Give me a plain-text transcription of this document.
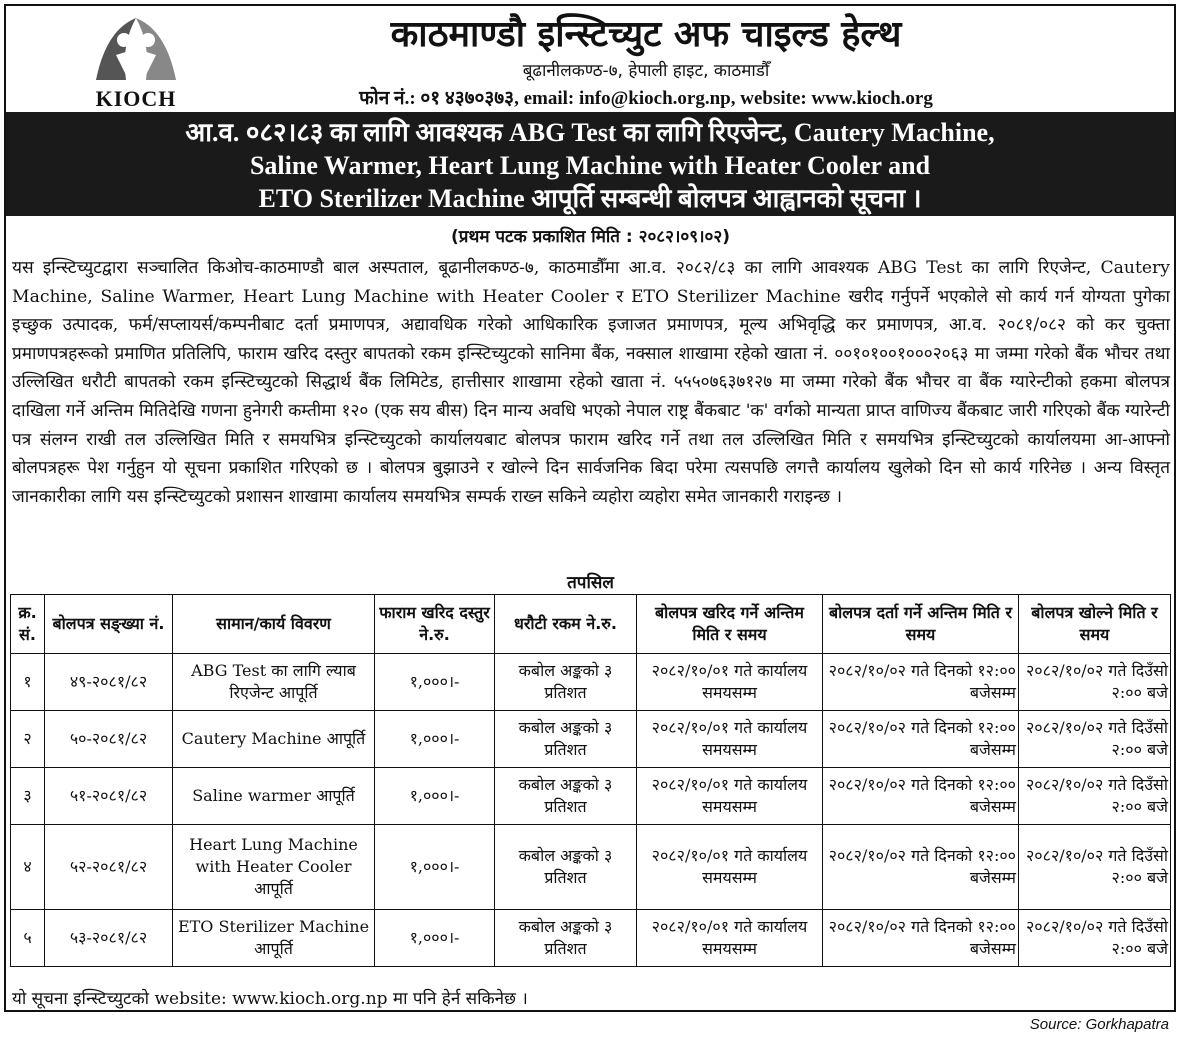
KIOCH
काठमाण्डौ इन्स्टिच्युट अफ चाइल्ड हेल्थ
बूढानीलकण्ठ-७, हेपाली हाइट, काठमाडौँ
फोन नं.: ०१ ४३७०३७३, email: info@kioch.org.np, website: www.kioch.org
आ.व. ०८२।८३ का लागि आवश्यक ABG Test का लागि रिएजेन्ट, Cautery Machine,
Saline Warmer, Heart Lung Machine with Heater Cooler and
ETO Sterilizer Machine आपूर्ति सम्बन्धी बोलपत्र आह्वानको सूचना ।
(प्रथम पटक प्रकाशित मिति : २०८२।०९।०२)
यस इन्स्टिच्युटद्वारा सञ्चालित किओच-काठमाण्डौ बाल अस्पताल, बूढानीलकण्ठ-७, काठमाडौँमा आ.व. २०८२/८३ का लागि आवश्यक ABG Test का लागि रिएजेन्ट, Cautery Machine, Saline Warmer, Heart Lung Machine with Heater Cooler र ETO Sterilizer Machine खरीद गर्नुपर्ने भएकोले सो कार्य गर्न योग्यता पुगेका इच्छुक उत्पादक, फर्म/सप्लायर्स/कम्पनीबाट दर्ता प्रमाणपत्र, अद्यावधिक गरेको आधिकारिक इजाजत प्रमाणपत्र, मूल्य अभिवृद्धि कर प्रमाणपत्र, आ.व. २०८१/०८२ को कर चुक्ता प्रमाणपत्रहरूको प्रमाणित प्रतिलिपि, फाराम खरिद दस्तुर बापतको रकम इन्स्टिच्युटको सानिमा बैंक, नक्साल शाखामा रहेको खाता नं. ००१०१००१०००२०६३ मा जम्मा गरेको बैंक भौचर तथा उल्लिखित धरौटी बापतको रकम इन्स्टिच्युटको सिद्धार्थ बैंक लिमिटेड, हात्तीसार शाखामा रहेको खाता नं. ५५५०७६३७१२७ मा जम्मा गरेको बैंक भौचर वा बैंक ग्यारेन्टीको हकमा बोलपत्र दाखिला गर्ने अन्तिम मितिदेखि गणना हुनेगरी कम्तीमा १२० (एक सय बीस) दिन मान्य अवधि भएको नेपाल राष्ट्र बैंकबाट 'क' वर्गको मान्यता प्राप्त वाणिज्य बैंकबाट जारी गरिएको बैंक ग्यारेन्टी पत्र संलग्न राखी तल उल्लिखित मिति र समयभित्र इन्स्टिच्युटको कार्यालयबाट बोलपत्र फाराम खरिद गर्ने तथा तल उल्लिखित मिति र समयभित्र इन्स्टिच्युटको कार्यालयमा आ-आफ्नो बोलपत्रहरू पेश गर्नुहुन यो सूचना प्रकाशित गरिएको छ । बोलपत्र बुझाउने र खोल्ने दिन सार्वजनिक बिदा परेमा त्यसपछि लगत्तै कार्यालय खुलेको दिन सो कार्य गरिनेछ । अन्य विस्तृत जानकारीका लागि यस इन्स्टिच्युटको प्रशासन शाखामा कार्यालय समयभित्र सम्पर्क राख्न सकिने व्यहोरा व्यहोरा समेत जानकारी गराइन्छ ।
तपसिल
क्र. सं.	बोलपत्र सङ्ख्या नं.	सामान/कार्य विवरण	फाराम खरिद दस्तुर ने.रु.	धरौटी रकम ने.रु.	बोलपत्र खरिद गर्ने अन्तिम मिति र समय	बोलपत्र दर्ता गर्ने अन्तिम मिति र समय	बोलपत्र खोल्ने मिति र समय
१	४९-२०८१/८२	ABG Test का लागि ल्याब रिएजेन्ट आपूर्ति	१,०००।-	कबोल अङ्कको ३ प्रतिशत	२०८२/१०/०१ गते कार्यालय समयसम्म	२०८२/१०/०२ गते दिनको १२:०० बजेसम्म	२०८२/१०/०२ गते दिउँसो २:०० बजे
२	५०-२०८१/८२	Cautery Machine आपूर्ति	१,०००।-	कबोल अङ्कको ३ प्रतिशत	२०८२/१०/०१ गते कार्यालय समयसम्म	२०८२/१०/०२ गते दिनको १२:०० बजेसम्म	२०८२/१०/०२ गते दिउँसो २:०० बजे
३	५१-२०८१/८२	Saline warmer आपूर्ति	१,०००।-	कबोल अङ्कको ३ प्रतिशत	२०८२/१०/०१ गते कार्यालय समयसम्म	२०८२/१०/०२ गते दिनको १२:०० बजेसम्म	२०८२/१०/०२ गते दिउँसो २:०० बजे
४	५२-२०८१/८२	Heart Lung Machine with Heater Cooler आपूर्ति	१,०००।-	कबोल अङ्कको ३ प्रतिशत	२०८२/१०/०१ गते कार्यालय समयसम्म	२०८२/१०/०२ गते दिनको १२:०० बजेसम्म	२०८२/१०/०२ गते दिउँसो २:०० बजे
५	५३-२०८१/८२	ETO Sterilizer Machine आपूर्ति	१,०००।-	कबोल अङ्कको ३ प्रतिशत	२०८२/१०/०१ गते कार्यालय समयसम्म	२०८२/१०/०२ गते दिनको १२:०० बजेसम्म	२०८२/१०/०२ गते दिउँसो २:०० बजे
यो सूचना इन्स्टिच्युटको website: www.kioch.org.np मा पनि हेर्न सकिनेछ ।
Source: Gorkhapatra
